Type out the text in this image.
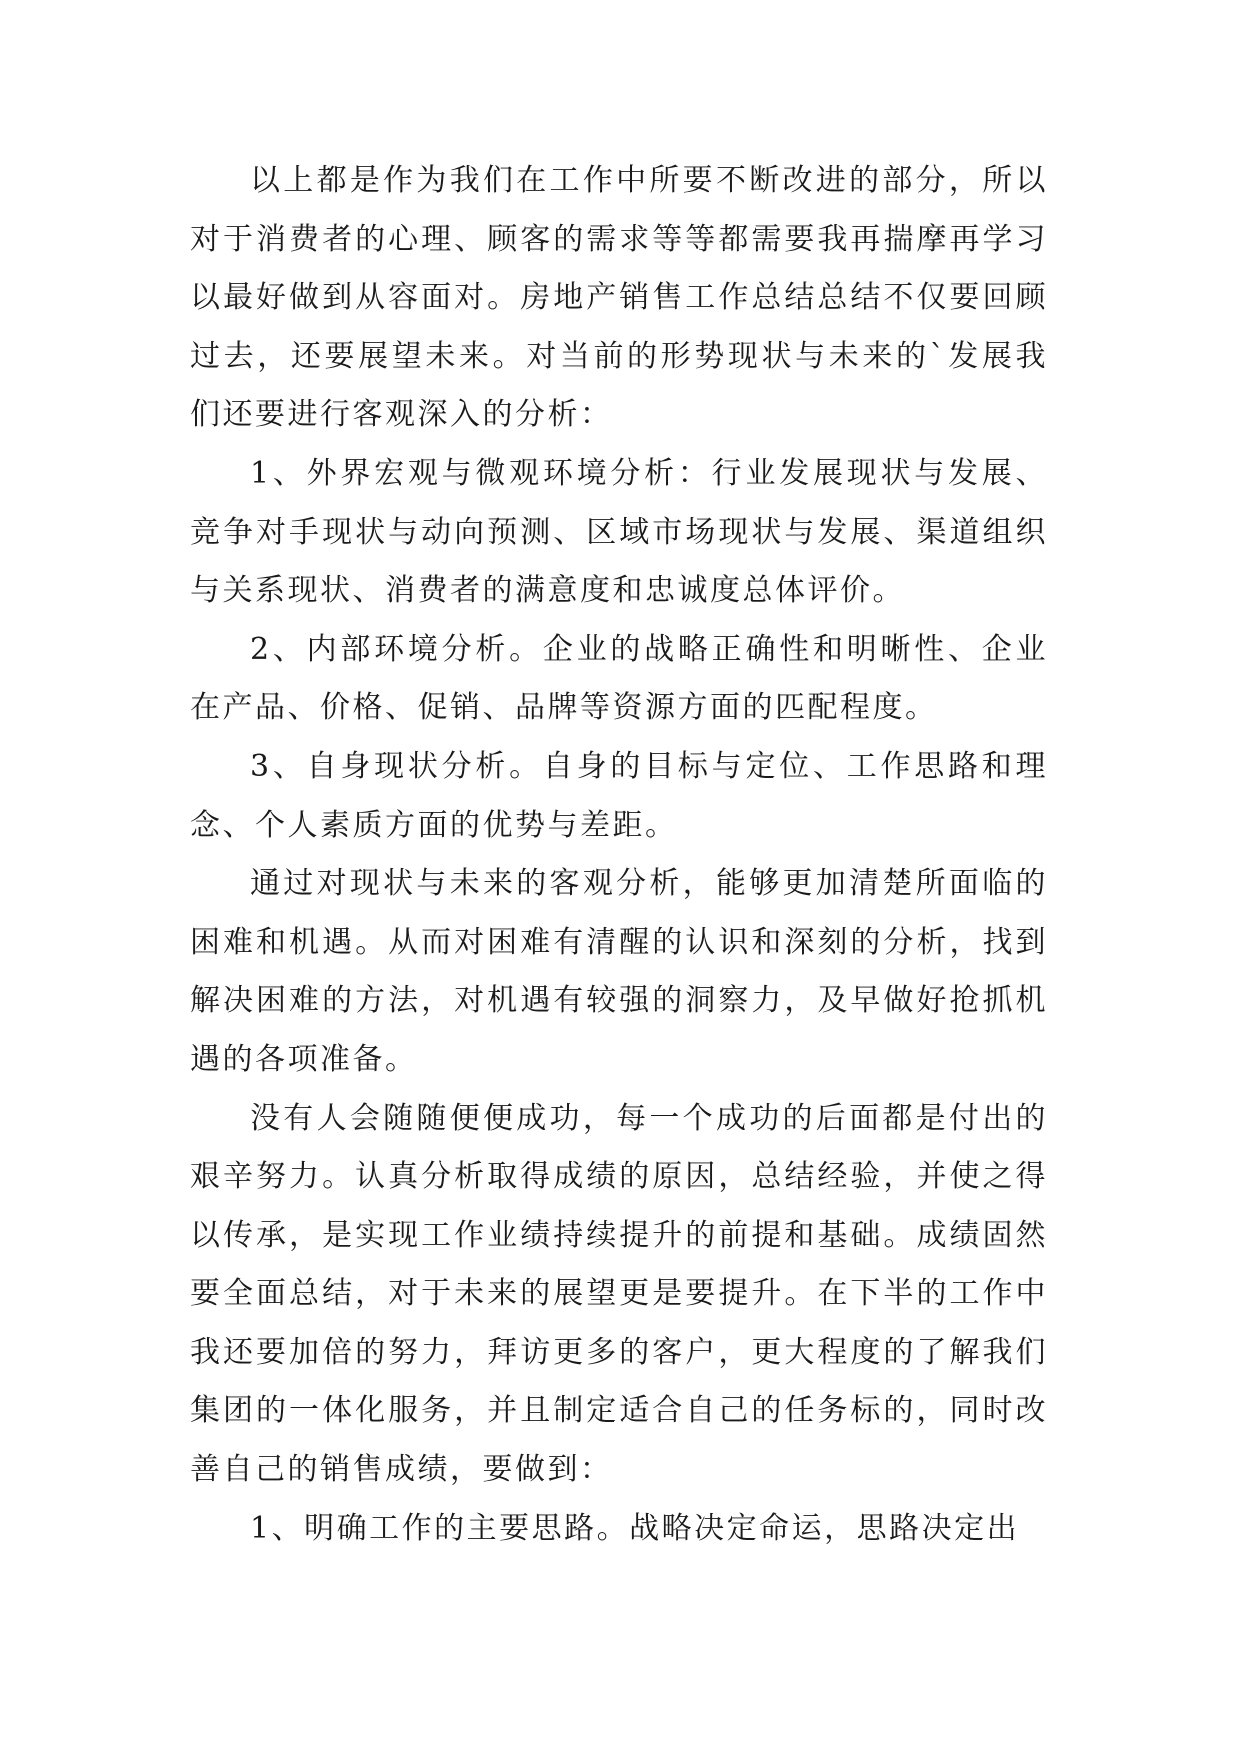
以上都是作为我们在工作中所要不断改进的部分，所以对于消费者的心理、顾客的需求等等都需要我再揣摩再学习以最好做到从容面对。房地产销售工作总结总结不仅要回顾过去，还要展望未来。对当前的形势现状与未来的`发展我们还要进行客观深入的分析：

1、外界宏观与微观环境分析：行业发展现状与发展、竞争对手现状与动向预测、区域市场现状与发展、渠道组织与关系现状、消费者的满意度和忠诚度总体评价。

2、内部环境分析。企业的战略正确性和明晰性、企业在产品、价格、促销、品牌等资源方面的匹配程度。

3、自身现状分析。自身的目标与定位、工作思路和理念、个人素质方面的优势与差距。

通过对现状与未来的客观分析，能够更加清楚所面临的困难和机遇。从而对困难有清醒的认识和深刻的分析，找到解决困难的方法，对机遇有较强的洞察力，及早做好抢抓机遇的各项准备。

没有人会随随便便成功，每一个成功的后面都是付出的艰辛努力。认真分析取得成绩的原因，总结经验，并使之得以传承，是实现工作业绩持续提升的前提和基础。成绩固然要全面总结，对于未来的展望更是要提升。在下半的工作中我还要加倍的努力，拜访更多的客户，更大程度的了解我们集团的一体化服务，并且制定适合自己的任务标的，同时改善自己的销售成绩，要做到：

1、明确工作的主要思路。战略决定命运，思路决定出
